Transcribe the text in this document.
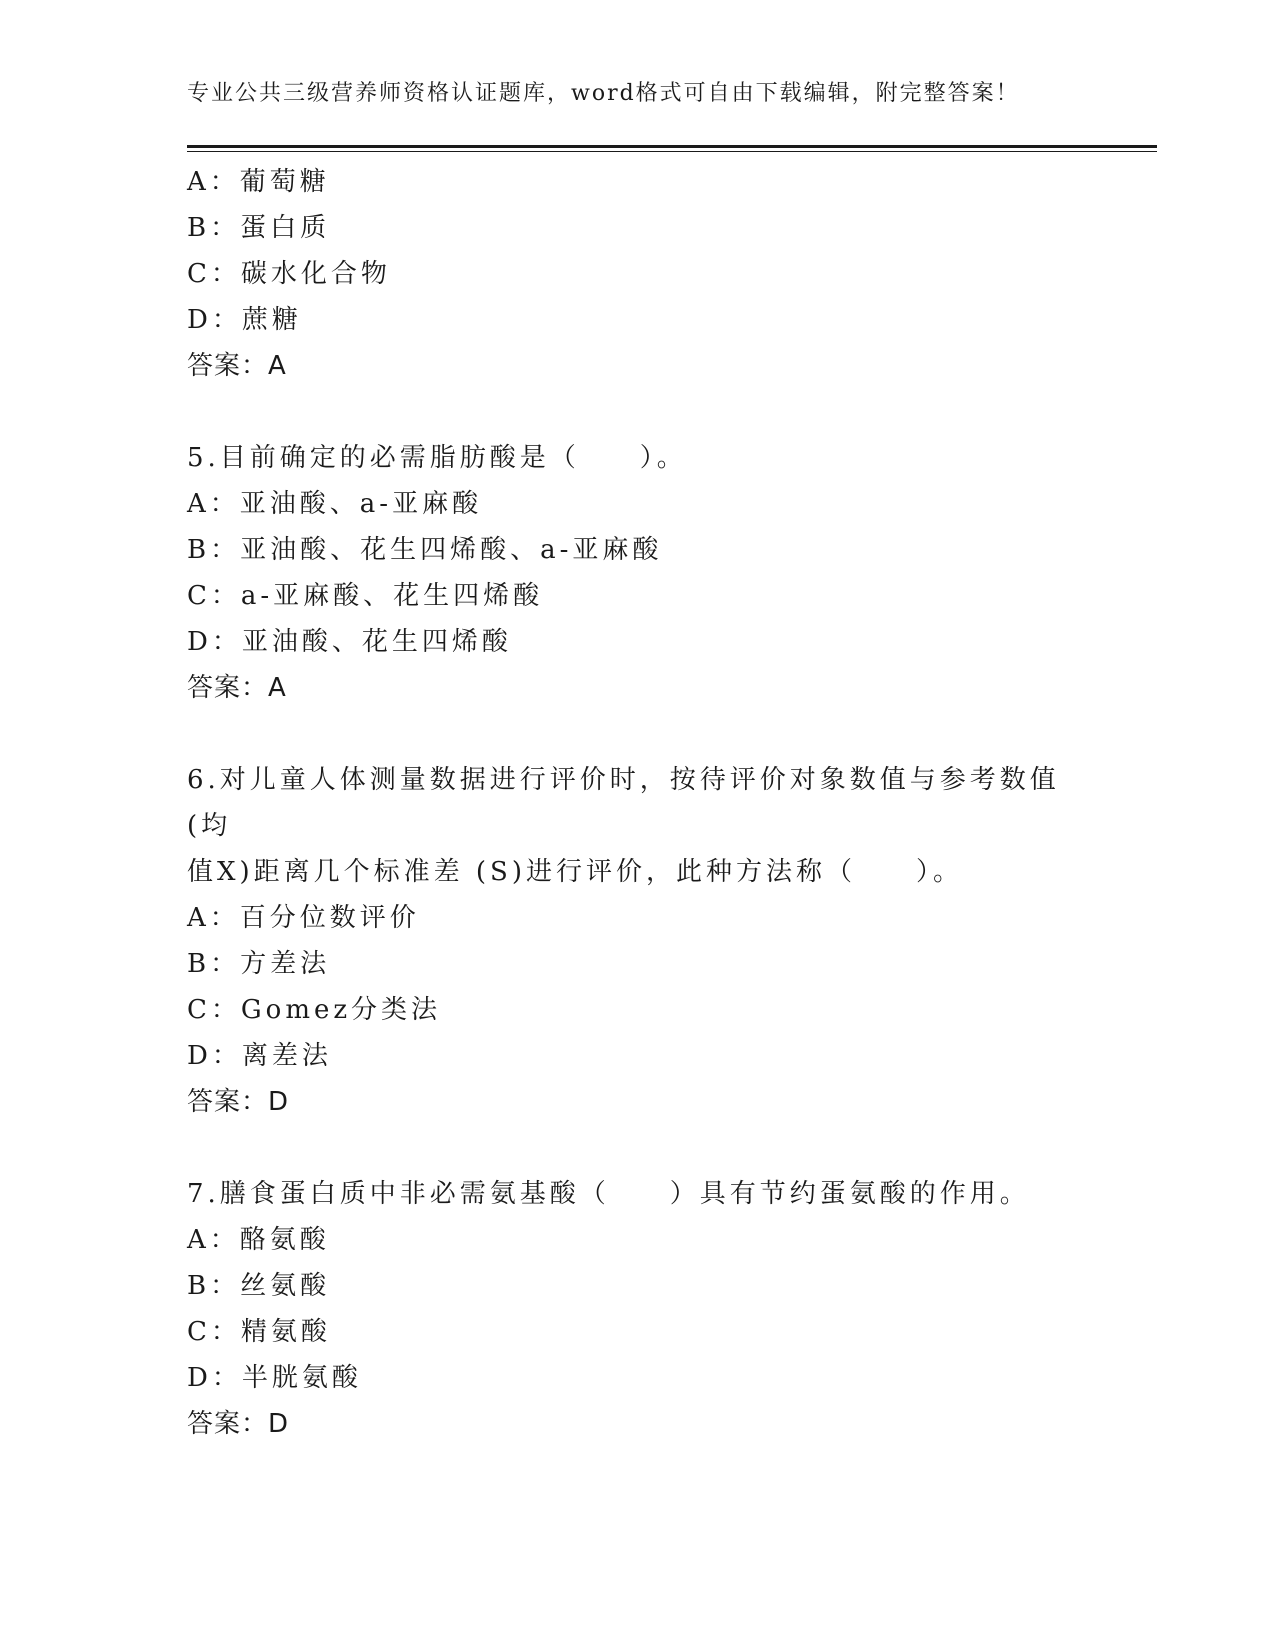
专业公共三级营养师资格认证题库，word格式可自由下载编辑，附完整答案！
A：葡萄糖
B：蛋白质
C：碳水化合物
D：蔗糖
答案：A
5.目前确定的必需脂肪酸是（　　）。
A：亚油酸、a-亚麻酸
B：亚油酸、花生四烯酸、a-亚麻酸
C：a-亚麻酸、花生四烯酸
D：亚油酸、花生四烯酸
答案：A
6.对儿童人体测量数据进行评价时，按待评价对象数值与参考数值(均
值X)距离几个标准差 (S)进行评价，此种方法称（　　）。
A：百分位数评价
B：方差法
C：Gomez分类法
D：离差法
答案：D
7.膳食蛋白质中非必需氨基酸（　　）具有节约蛋氨酸的作用。
A：酪氨酸
B：丝氨酸
C：精氨酸
D：半胱氨酸
答案：D
